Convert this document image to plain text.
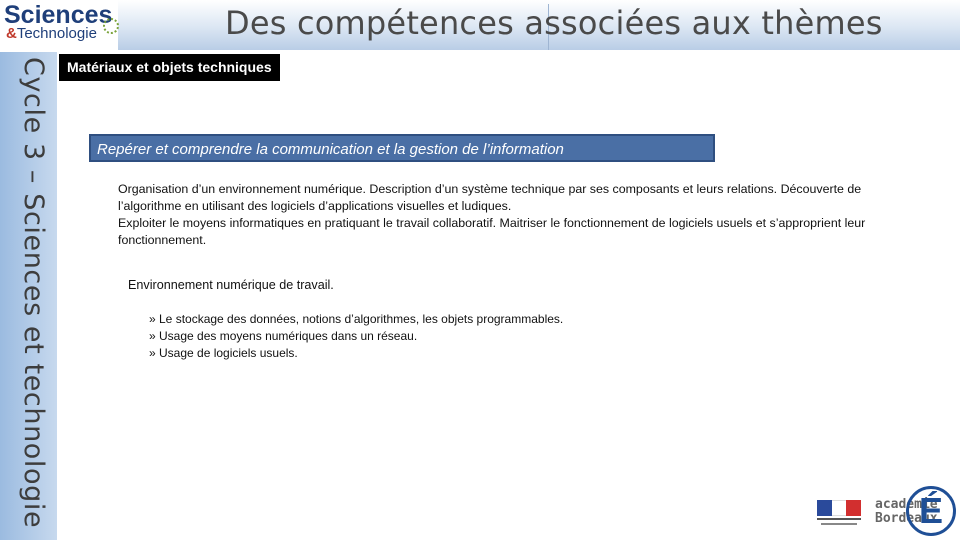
Des compétences associées aux thèmes
Sciences
&Technologie
Cycle 3 – Sciences et technologie	Matériaux et objets techniques
Repérer et comprendre la communication et la gestion de l’information

Organisation d’un environnement numérique. Description d’un système technique par ses composants et leurs relations. Découverte de l’algorithme en utilisant des logiciels d’applications visuelles et ludiques.

Exploiter le moyens informatiques en pratiquant le travail collaboratif. Maitriser le fonctionnement de logiciels usuels et s’approprient leur fonctionnement.

Environnement numérique de travail.
» Le stockage des données, notions d’algorithmes, les objets programmables.
» Usage des moyens numériques dans un réseau.
» Usage de logiciels usuels.
académie
Bordeaux
É
